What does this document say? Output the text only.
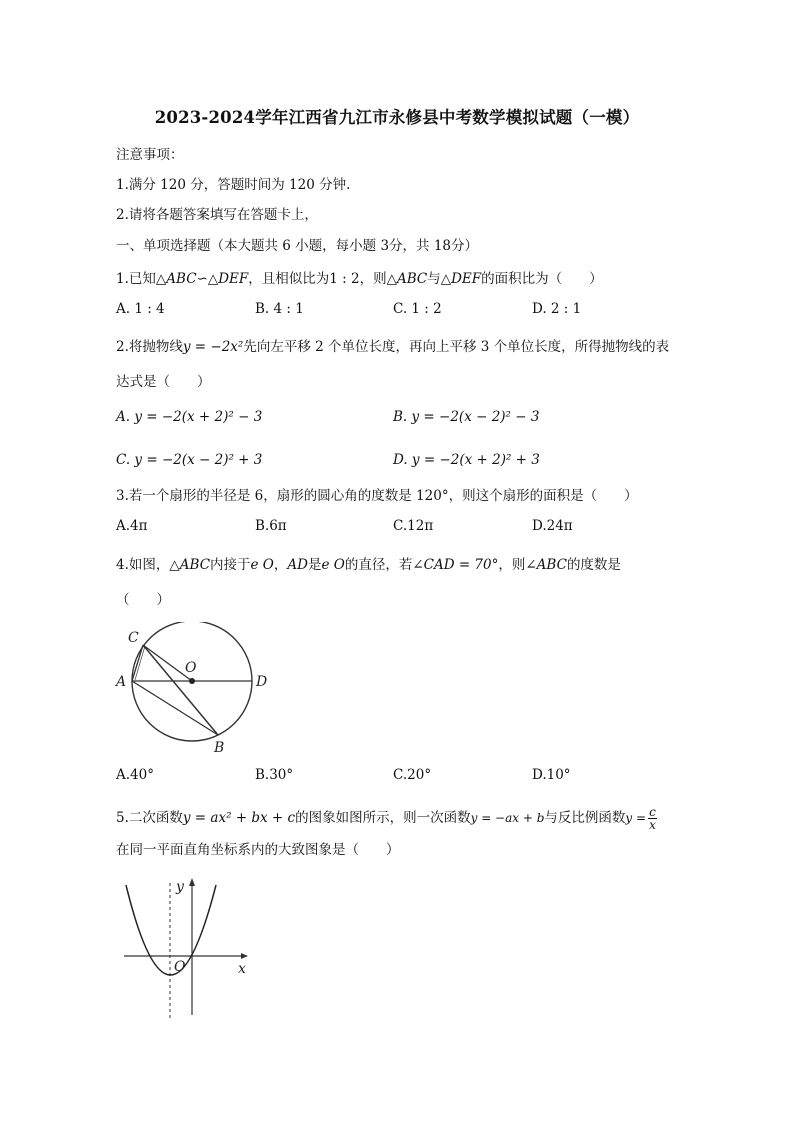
2023-2024学年江西省九江市永修县中考数学模拟试题（一模）
注意事项：
1.满分 120 分，答题时间为 120 分钟.
2.请将各题答案填写在答题卡上，
一、单项选择题（本大题共 6 小题，每小题 3分，共 18分）
1.已知△ABC∽△DEF，且相似比为1 : 2，则△ABC与△DEF的面积比为（　　）
A. 1 : 4	B. 4 : 1	C. 1 : 2	D. 2 : 1
2.将抛物线y = −2x²先向左平移 2 个单位长度，再向上平移 3 个单位长度，所得抛物线的表
达式是（　　）
A. y = −2(x + 2)² − 3	B. y = −2(x − 2)² − 3
C. y = −2(x − 2)² + 3	D. y = −2(x + 2)² + 3
3.若一个扇形的半径是 6，扇形的圆心角的度数是 120°，则这个扇形的面积是（　　）
A.4π	B.6π	C.12π	D.24π
4.如图，△ABC内接于e O，AD是e O的直径，若∠CAD = 70°，则∠ABC的度数是
（　　）
C
O
A	D
B
A.40°	B.30°	C.20°	D.10°
5.二次函数y = ax² + bx + c的图象如图所示，则一次函数y = −ax + b与反比例函数$y = \frac{c}{x}$
在同一平面直角坐标系内的大致图象是（　　）
y
O	x
